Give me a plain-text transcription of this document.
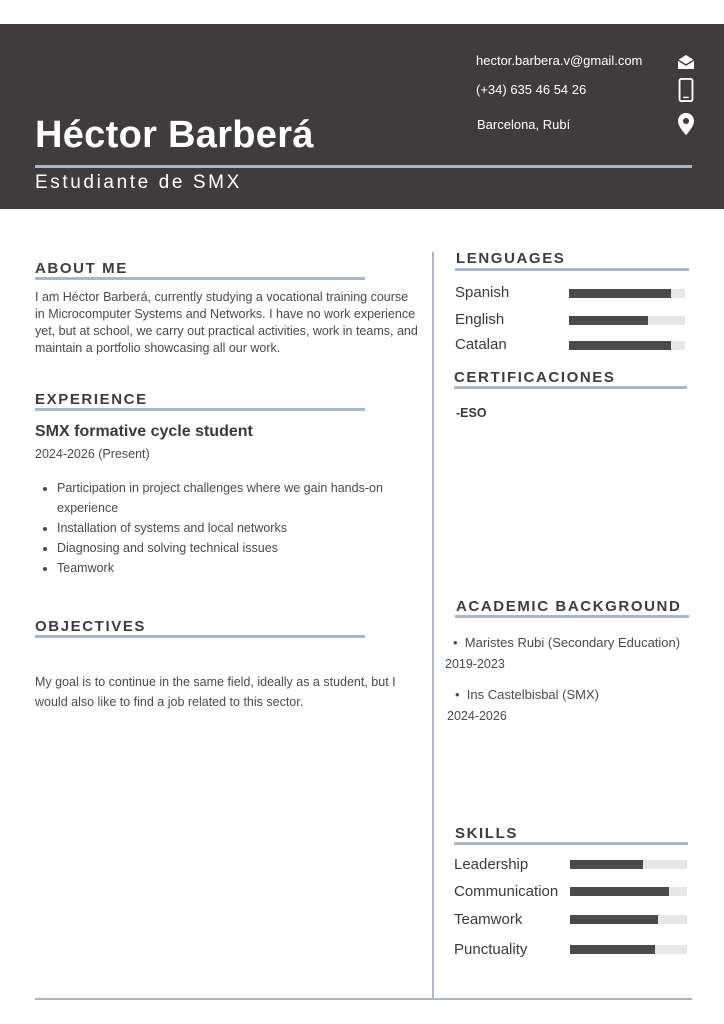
hector.barbera.v@gmail.com
(+34) 635 46 54 26
Barcelona, Rubí
Héctor Barberá
Estudiante de SMX
ABOUT ME
I am Héctor Barberá, currently studying a vocational training course in Microcomputer Systems and Networks. I have no work experience yet, but at school, we carry out practical activities, work in teams, and maintain a portfolio showcasing all our work.
EXPERIENCE
SMX formative cycle student
2024-2026 (Present)
• Participation in project challenges where we gain hands-on experience
• Installation of systems and local networks
• Diagnosing and solving technical issues
• Teamwork
OBJECTIVES
My goal is to continue in the same field, ideally as a student, but I would also like to find a job related to this sector.
LENGUAGES
Spanish
English
Catalan
CERTIFICACIONES
-ESO
ACADEMIC BACKGROUND
•  Maristes Rubi (Secondary Education)
2019-2023
•  Ins Castelbisbal (SMX)
2024-2026
SKILLS
Leadership
Communication
Teamwork
Punctuality
